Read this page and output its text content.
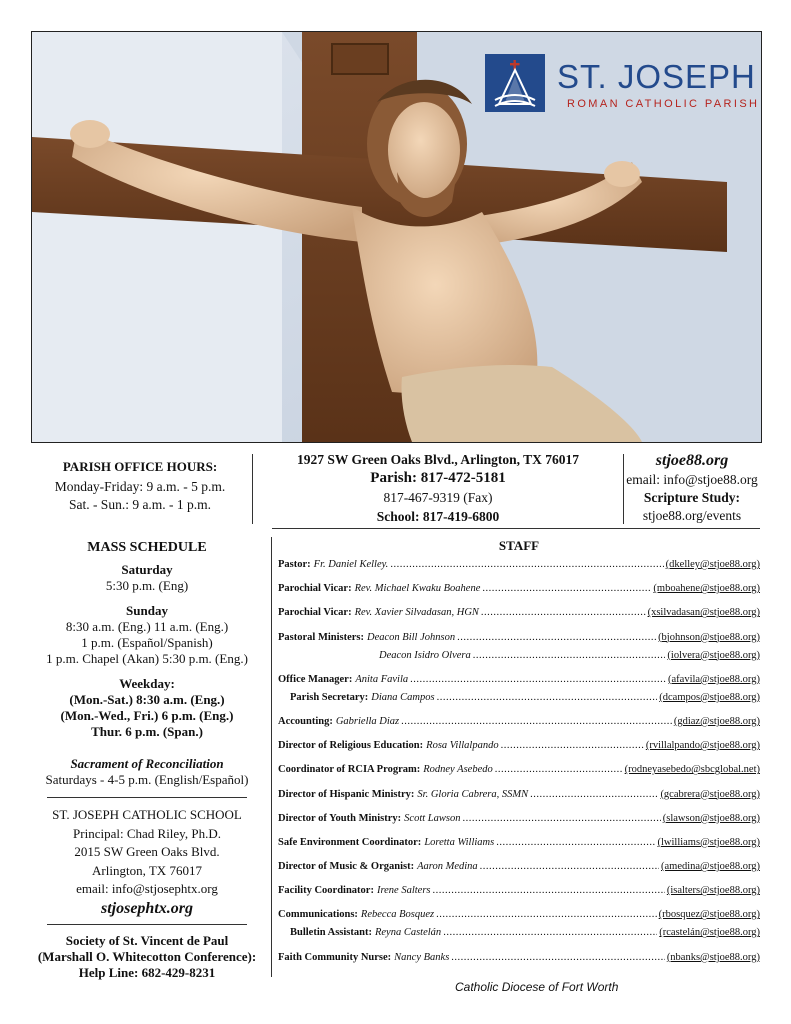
ST. JOSEPH
ROMAN CATHOLIC PARISH
PARISH OFFICE HOURS:
Monday-Friday: 9 a.m. - 5 p.m.
Sat. - Sun.: 9 a.m. - 1 p.m.
1927 SW Green Oaks Blvd., Arlington, TX 76017
Parish: 817-472-5181
817-467-9319 (Fax)
School: 817-419-6800
stjoe88.org
email: info@stjoe88.org
Scripture Study:
stjoe88.org/events
MASS SCHEDULE
Saturday
5:30 p.m. (Eng)
Sunday
8:30 a.m. (Eng.) 11 a.m. (Eng.)
1 p.m. (Español/Spanish)
1 p.m. Chapel (Akan) 5:30 p.m. (Eng.)
Weekday:
(Mon.-Sat.) 8:30 a.m. (Eng.)
(Mon.-Wed., Fri.) 6 p.m. (Eng.)
Thur. 6 p.m. (Span.)
Sacrament of Reconciliation
Saturdays - 4-5 p.m. (English/Español)
ST. JOSEPH CATHOLIC SCHOOL
Principal: Chad Riley, Ph.D.
2015 SW Green Oaks Blvd.
Arlington, TX 76017
email: info@stjosephtx.org
stjosephtx.org
Society of St. Vincent de Paul
(Marshall O. Whitecotton Conference):
Help Line: 682-429-8231
STAFF
Pastor: Fr. Daniel Kelley. .....	(dkelley@stjoe88.org)
Parochial Vicar: Rev. Michael Kwaku Boahene .....	(mboahene@stjoe88.org)
Parochial Vicar: Rev. Xavier Silvadasan, HGN .....	(xsilvadasan@stjoe88.org)
Pastoral Ministers: Deacon Bill Johnson .....	(bjohnson@stjoe88.org)
Deacon Isidro Olvera .....	(iolvera@stjoe88.org)
Office Manager: Anita Favila .....	(afavila@stjoe88.org)
Parish Secretary: Diana Campos .....	(dcampos@stjoe88.org)
Accounting: Gabriella Diaz .....	(gdiaz@stjoe88.org)
Director of Religious Education: Rosa Villalpando .....	(rvillalpando@stjoe88.org)
Coordinator of RCIA Program: Rodney Asebedo .....	(rodneyasebedo@sbcglobal.net)
Director of Hispanic Ministry: Sr. Gloria Cabrera, SSMN .....	(gcabrera@stjoe88.org)
Director of Youth Ministry: Scott Lawson .....	(slawson@stjoe88.org)
Safe Environment Coordinator: Loretta Williams .....	(lwilliams@stjoe88.org)
Director of Music & Organist: Aaron Medina .....	(amedina@stjoe88.org)
Facility Coordinator: Irene Salters .....	(isalters@stjoe88.org)
Communications: Rebecca Bosquez .....	(rbosquez@stjoe88.org)
Bulletin Assistant: Reyna Castelán .....	(rcastelán@stjoe88.org)
Faith Community Nurse: Nancy Banks .....	(nbanks@stjoe88.org)
Catholic Diocese of Fort Worth
